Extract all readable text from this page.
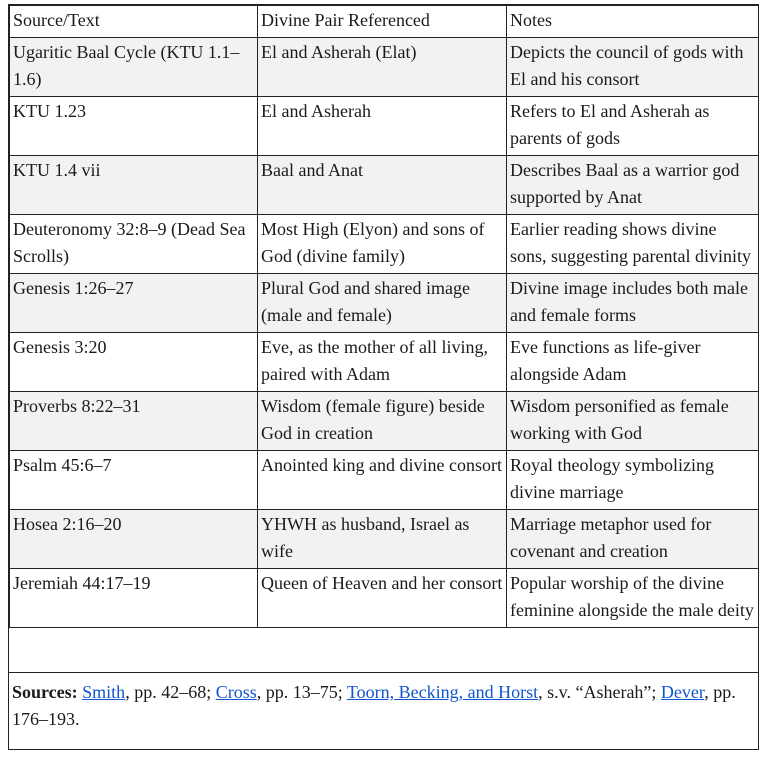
Source/Text	Divine Pair Referenced	Notes
Ugaritic Baal Cycle (KTU 1.1–1.6)	El and Asherah (Elat)	Depicts the council of gods with El and his consort
KTU 1.23	El and Asherah	Refers to El and Asherah as parents of gods
KTU 1.4 vii	Baal and Anat	Describes Baal as a warrior god supported by Anat
Deuteronomy 32:8–9 (Dead Sea Scrolls)	Most High (Elyon) and sons of God (divine family)	Earlier reading shows divine sons, suggesting parental divinity
Genesis 1:26–27	Plural God and shared image (male and female)	Divine image includes both male and female forms
Genesis 3:20	Eve, as the mother of all living, paired with Adam	Eve functions as life-giver alongside Adam
Proverbs 8:22–31	Wisdom (female figure) beside God in creation	Wisdom personified as female working with God
Psalm 45:6–7	Anointed king and divine consort	Royal theology symbolizing divine marriage
Hosea 2:16–20	YHWH as husband, Israel as wife	Marriage metaphor used for covenant and creation
Jeremiah 44:17–19	Queen of Heaven and her consort	Popular worship of the divine feminine alongside the male deity
Sources: Smith, pp. 42–68; Cross, pp. 13–75; Toorn, Becking, and Horst, s.v. “Asherah”; Dever, pp. 176–193.
